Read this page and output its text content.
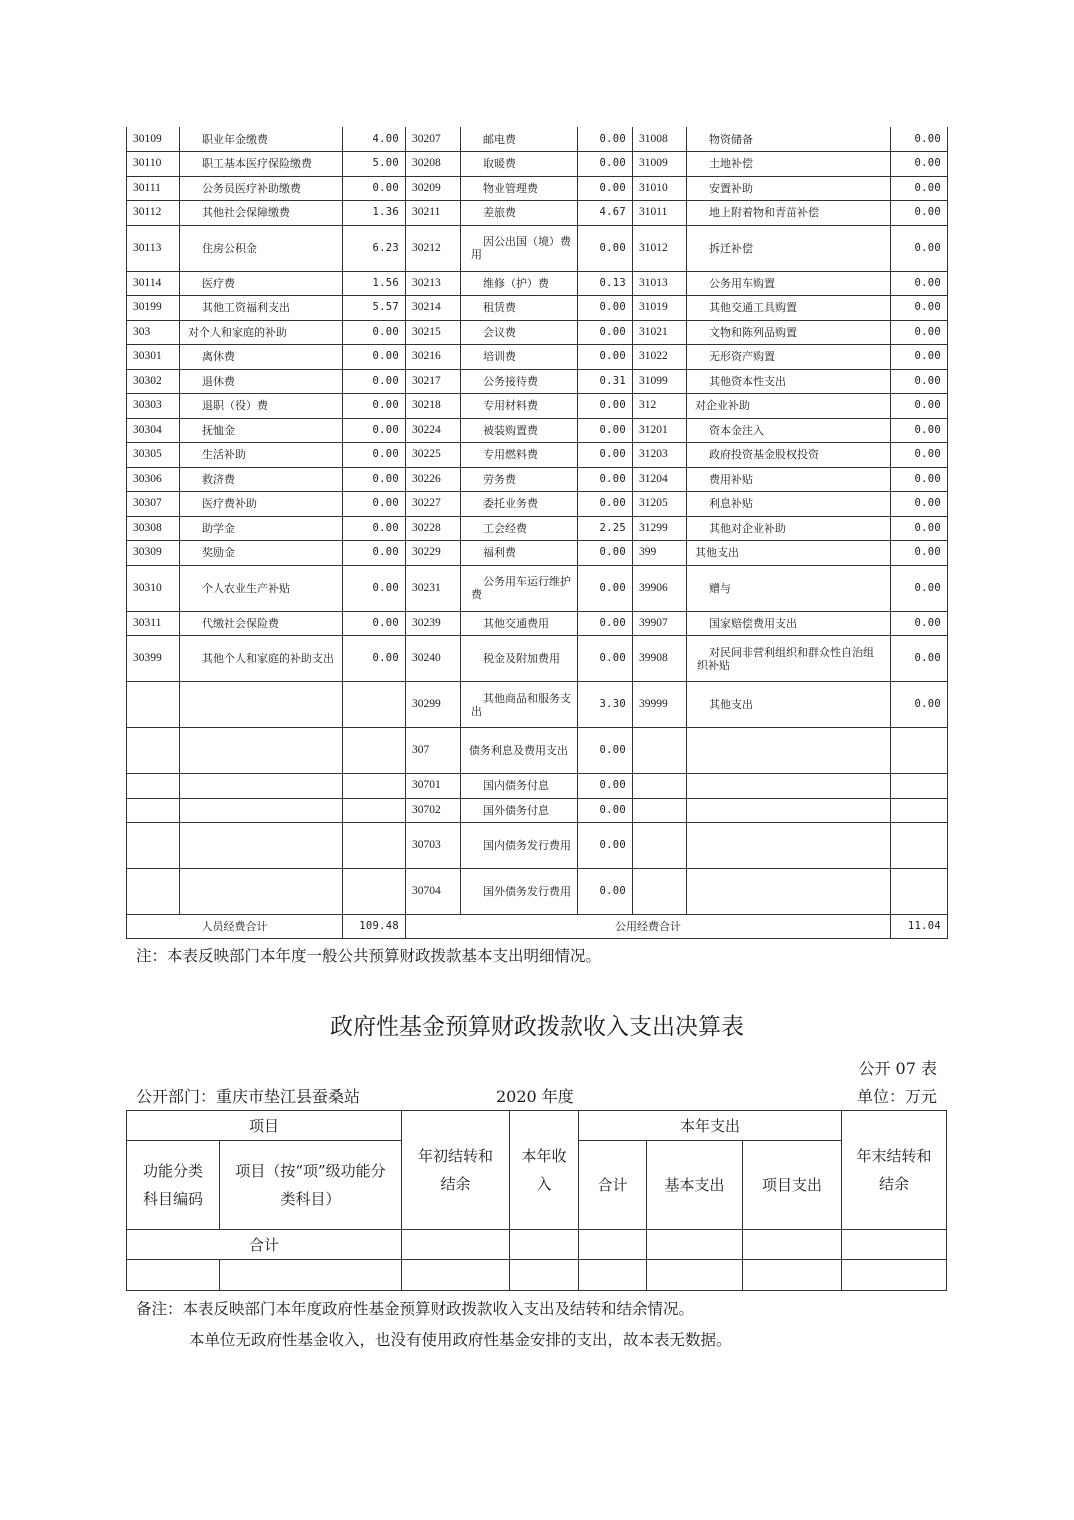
30109	职业年金缴费	4.00	30207	邮电费	0.00	31008	物资储备	0.00
30110	职工基本医疗保险缴费	5.00	30208	取暖费	0.00	31009	土地补偿	0.00
30111	公务员医疗补助缴费	0.00	30209	物业管理费	0.00	31010	安置补助	0.00
30112	其他社会保障缴费	1.36	30211	差旅费	4.67	31011	地上附着物和青苗补偿	0.00
30113	住房公积金	6.23	30212	因公出国（境）费用	0.00	31012	拆迁补偿	0.00
30114	医疗费	1.56	30213	维修（护）费	0.13	31013	公务用车购置	0.00
30199	其他工资福利支出	5.57	30214	租赁费	0.00	31019	其他交通工具购置	0.00
303	对个人和家庭的补助	0.00	30215	会议费	0.00	31021	文物和陈列品购置	0.00
30301	离休费	0.00	30216	培训费	0.00	31022	无形资产购置	0.00
30302	退休费	0.00	30217	公务接待费	0.31	31099	其他资本性支出	0.00
30303	退职（役）费	0.00	30218	专用材料费	0.00	312	对企业补助	0.00
30304	抚恤金	0.00	30224	被装购置费	0.00	31201	资本金注入	0.00
30305	生活补助	0.00	30225	专用燃料费	0.00	31203	政府投资基金股权投资	0.00
30306	救济费	0.00	30226	劳务费	0.00	31204	费用补贴	0.00
30307	医疗费补助	0.00	30227	委托业务费	0.00	31205	利息补贴	0.00
30308	助学金	0.00	30228	工会经费	2.25	31299	其他对企业补助	0.00
30309	奖励金	0.00	30229	福利费	0.00	399	其他支出	0.00
30310	个人农业生产补贴	0.00	30231	公务用车运行维护费	0.00	39906	赠与	0.00
30311	代缴社会保险费	0.00	30239	其他交通费用	0.00	39907	国家赔偿费用支出	0.00
30399	其他个人和家庭的补助支出	0.00	30240	税金及附加费用	0.00	39908	对民间非营利组织和群众性自治组织补贴	0.00
			30299	其他商品和服务支出	3.30	39999	其他支出	0.00
			307	债务利息及费用支出	0.00			
			30701	国内债务付息	0.00			
			30702	国外债务付息	0.00			
			30703	国内债务发行费用	0.00			
			30704	国外债务发行费用	0.00			
人员经费合计		109.48	公用经费合计					11.04
注：本表反映部门本年度一般公共预算财政拨款基本支出明细情况。
政府性基金预算财政拨款收入支出决算表
公开 07 表
公开部门：重庆市垫江县蚕桑站	2020 年度	单位：万元
项目		年初结转和结余	本年收入	本年支出			年末结转和结余
功能分类科目编码	项目（按“项”级功能分类科目）			合计	基本支出	项目支出	
合计							

备注：本表反映部门本年度政府性基金预算财政拨款收入支出及结转和结余情况。
本单位无政府性基金收入，也没有使用政府性基金安排的支出，故本表无数据。
